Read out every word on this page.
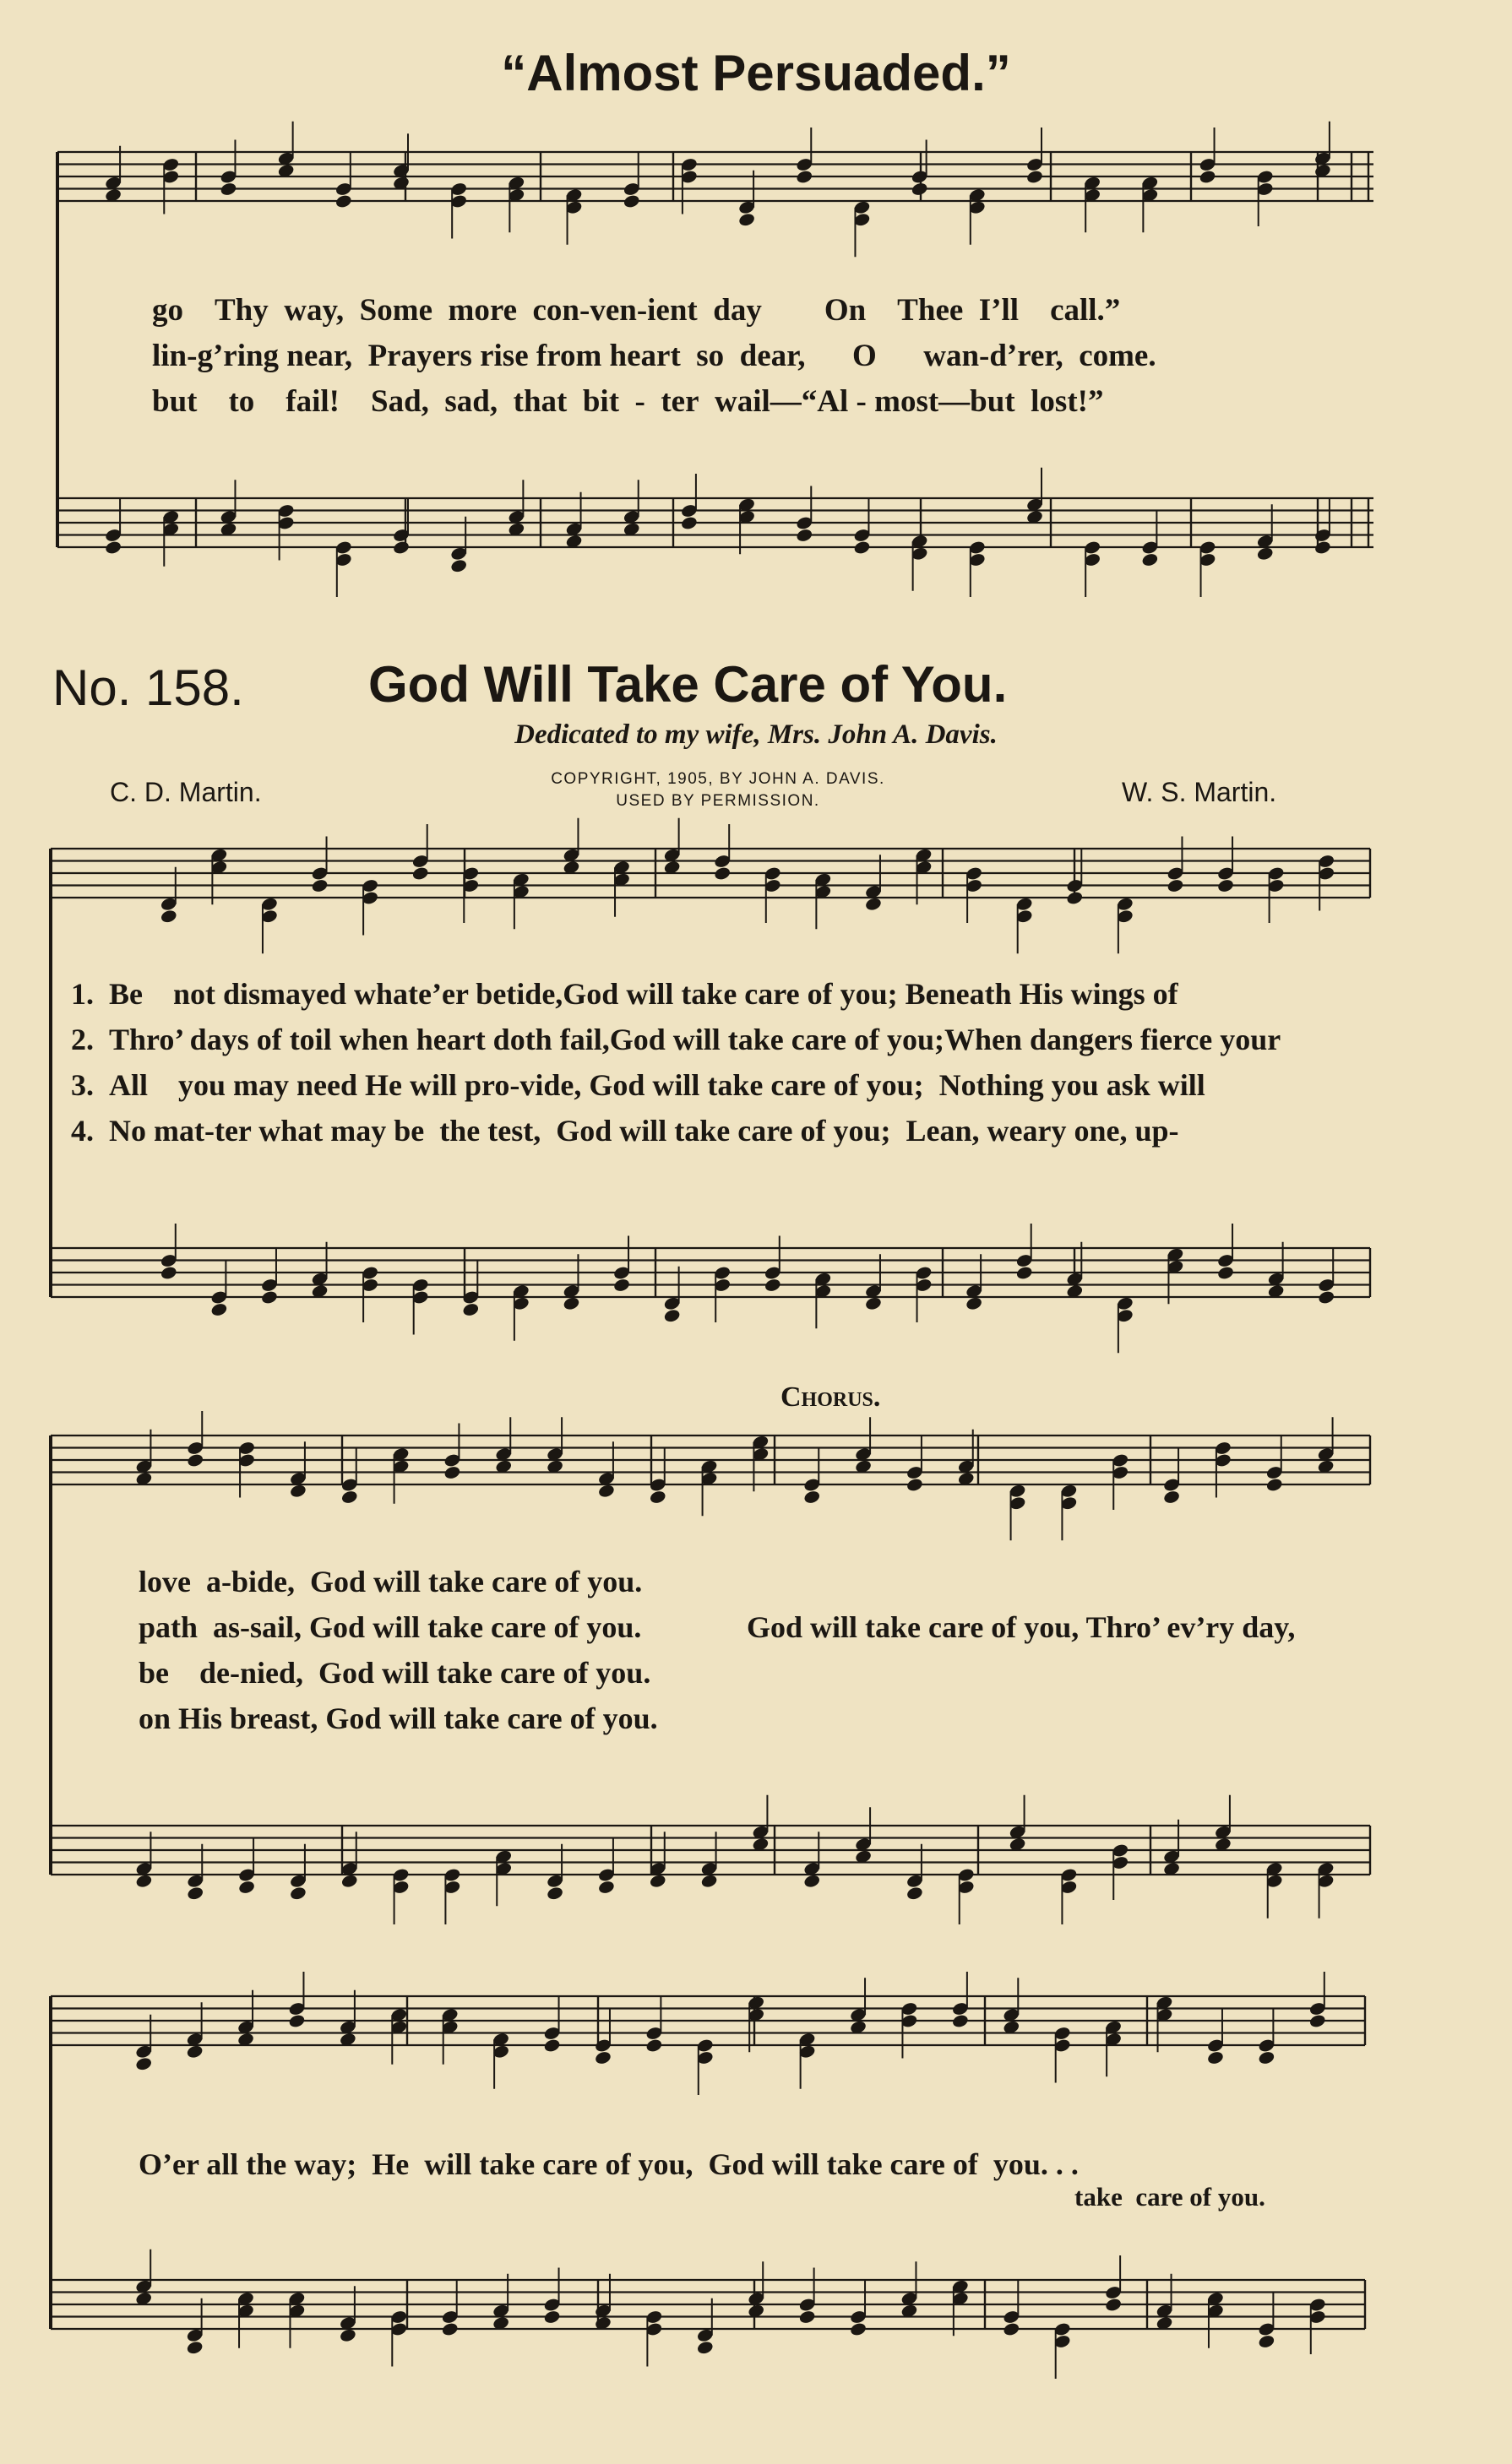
“Almost Persuaded.”
go Thy way, Some more con-ven-ient day  On Thee I’ll call.”
lin-g’ring near, Prayers rise from heart so dear,  O  wan-d’rer, come.
but to fail!  Sad, sad, that bit - ter wail—“Al - most—but lost!”
No. 158. God Will Take Care of You.
Dedicated to my wife, Mrs. John A. Davis.
C. D. Martin.	COPYRIGHT, 1905, BY JOHN A. DAVIS.
USED BY PERMISSION.	W. S. Martin.
1. Be not dismayed whate’er betide,God will take care of you; Beneath His wings of
2. Thro’ days of toil when heart doth fail,God will take care of you;When dangers fierce your
3. All you may need He will pro-vide, God will take care of you; Nothing you ask will
4. No mat-ter what may be the test, God will take care of you; Lean, weary one, up-
Chorus.
love a-bide, God will take care of you.
path as-sail, God will take care of you.	God will take care of you, Thro’ ev’ry day,
be  de-nied, God will take care of you.
on His breast, God will take care of you.
O’er all the way; He will take care of you, God will take care of you. . .
take care of you.
